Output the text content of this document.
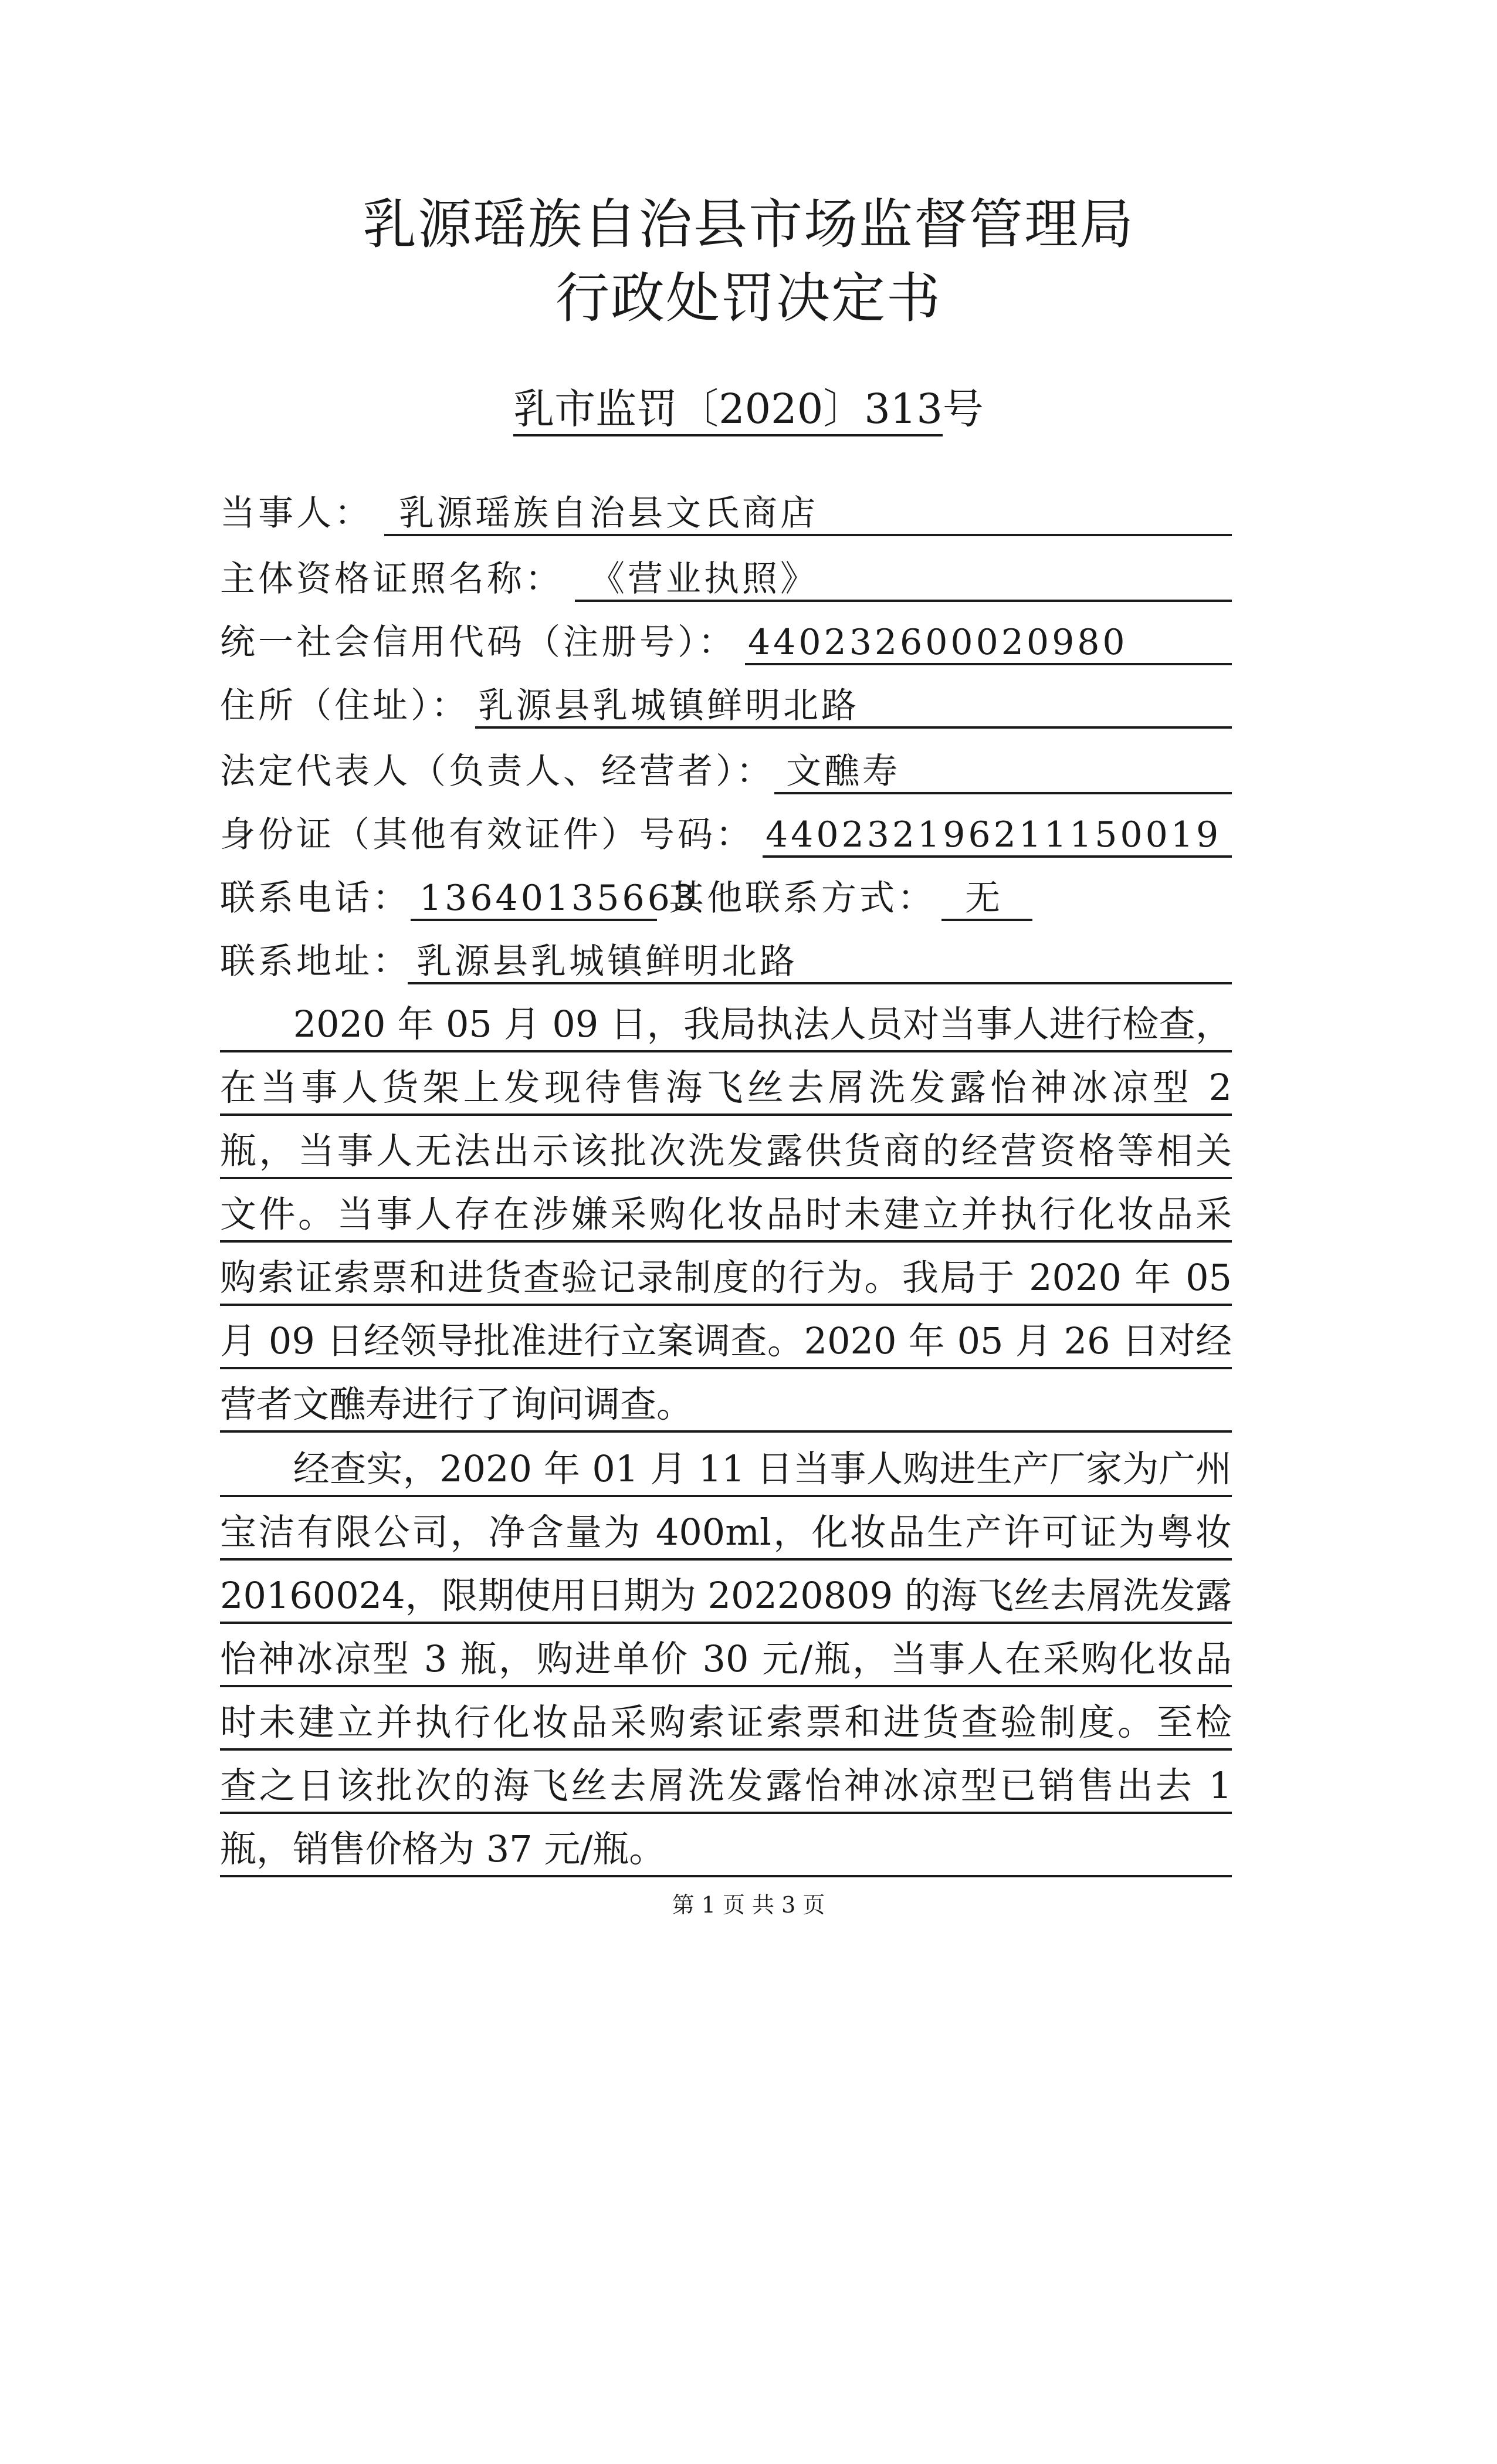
乳源瑶族自治县市场监督管理局
行政处罚决定书
乳市监罚〔2020〕313号
当事人： 乳源瑶族自治县文氏商店
主体资格证照名称： 《营业执照》
统一社会信用代码（注册号）： 440232600020980
住所（住址）： 乳源县乳城镇鲜明北路
法定代表人（负责人、经营者）： 文醮寿
身份证（其他有效证件）号码： 440232196211150019
联系电话： 13640135663
其他联系方式： 无
联系地址： 乳源县乳城镇鲜明北路
　　2020 年 05 月 09 日，我局执法人员对当事人进行检查，
在当事人货架上发现待售海飞丝去屑洗发露怡神冰凉型 2
瓶，当事人无法出示该批次洗发露供货商的经营资格等相关
文件。当事人存在涉嫌采购化妆品时未建立并执行化妆品采
购索证索票和进货查验记录制度的行为。我局于 2020 年 05
月 09 日经领导批准进行立案调查。2020 年 05 月 26 日对经
营者文醮寿进行了询问调查。
　　经查实，2020 年 01 月 11 日当事人购进生产厂家为广州
宝洁有限公司，净含量为 400ml，化妆品生产许可证为粤妆
20160024，限期使用日期为 20220809 的海飞丝去屑洗发露
怡神冰凉型 3 瓶，购进单价 30 元/瓶，当事人在采购化妆品
时未建立并执行化妆品采购索证索票和进货查验制度。至检
查之日该批次的海飞丝去屑洗发露怡神冰凉型已销售出去 1
瓶，销售价格为 37 元/瓶。
第 1 页 共 3 页
